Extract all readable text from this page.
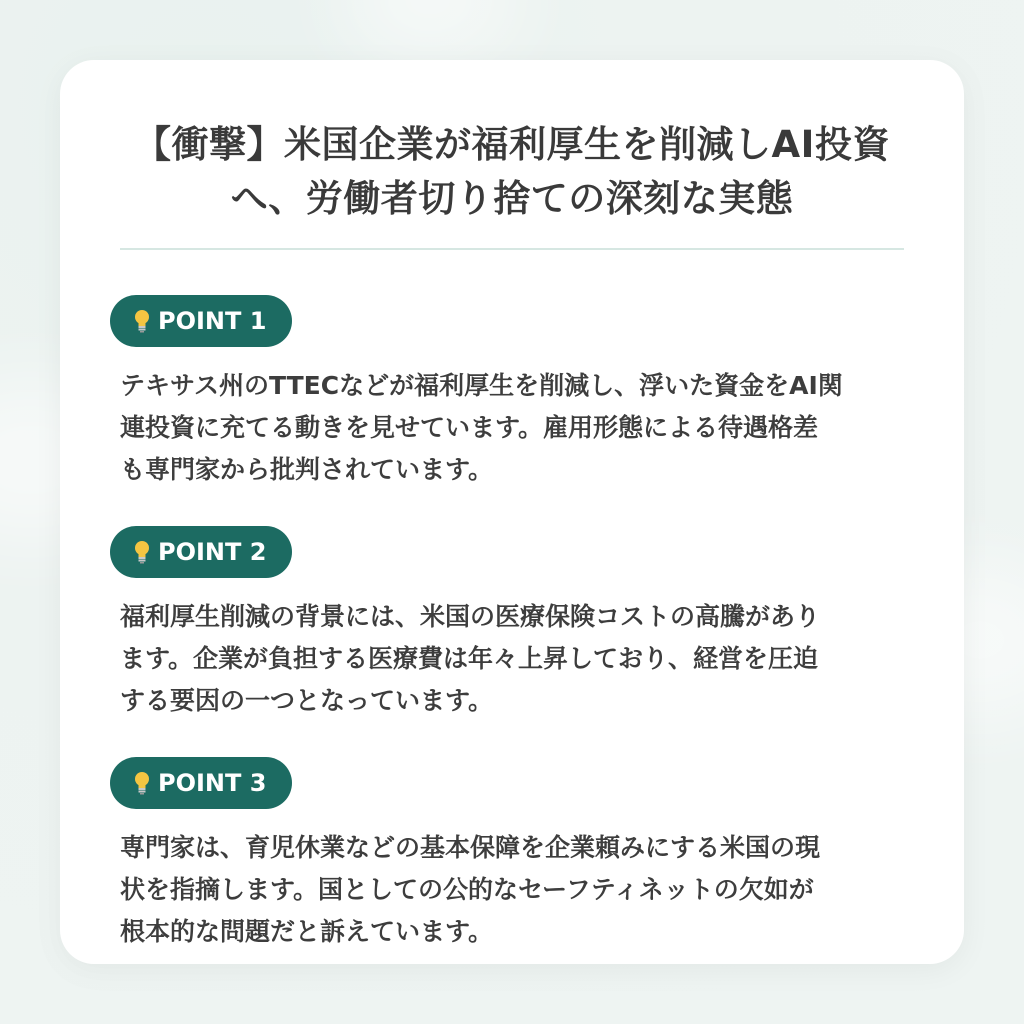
【衝撃】米国企業が福利厚生を削減しAI投資
へ、労働者切り捨ての深刻な実態
POINT 1
テキサス州のTTECなどが福利厚生を削減し、浮いた資金をAI関
連投資に充てる動きを見せています。雇用形態による待遇格差
も専門家から批判されています。
POINT 2
福利厚生削減の背景には、米国の医療保険コストの高騰があり
ます。企業が負担する医療費は年々上昇しており、経営を圧迫
する要因の一つとなっています。
POINT 3
専門家は、育児休業などの基本保障を企業頼みにする米国の現
状を指摘します。国としての公的なセーフティネットの欠如が
根本的な問題だと訴えています。
